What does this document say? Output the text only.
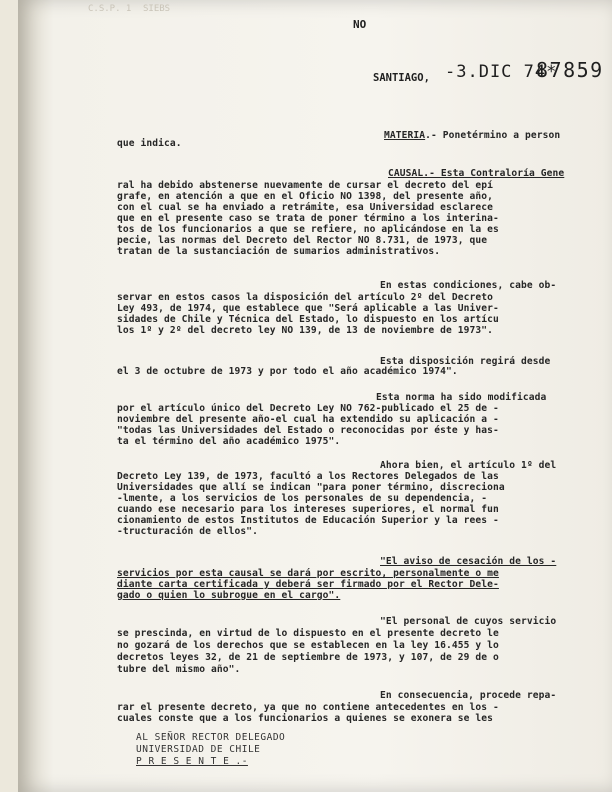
C.S.P. 1 SIEBS
NO
SANTIAGO, -3.DIC 74*
87859
que indica.
MATERIA.- Ponetérmino a person
CAUSAL.- Esta Contraloría Gene
ral ha debido abstenerse nuevamente de cursar el decreto del epí
grafe, en atención a que en el Oficio NO 1398, del presente año,
con el cual se ha enviado a retrámite, esa Universidad esclarece
que en el presente caso se trata de poner término a los interina-
tos de los funcionarios a que se refiere, no aplicándose en la es
pecie, las normas del Decreto del Rector NO 8.731, de 1973, que
tratan de la sustanciación de sumarios administrativos.
En estas condiciones, cabe ob-
servar en estos casos la disposición del artículo 2º del Decreto
Ley 493, de 1974, que establece que "Será aplicable a las Univer-
sidades de Chile y Técnica del Estado, lo dispuesto en los artícu
los 1º y 2º del decreto ley NO 139, de 13 de noviembre de 1973".
Esta disposición regirá desde
el 3 de octubre de 1973 y por todo el año académico 1974".
Esta norma ha sido modificada
por el artículo único del Decreto Ley NO 762-publicado el 25 de -
noviembre del presente año-el cual ha extendido su aplicación a -
"todas las Universidades del Estado o reconocidas por éste y has-
ta el término del año académico 1975".
Ahora bien, el artículo 1º del
Decreto Ley 139, de 1973, facultó a los Rectores Delegados de las
Universidades que allí se indican "para poner término, discreciona
-lmente, a los servicios de los personales de su dependencia, -
cuando ese necesario para los intereses superiores, el normal fun
cionamiento de estos Institutos de Educación Superior y la rees -
-tructuración de ellos".
"El aviso de cesación de los -
servicios por esta causal se dará por escrito, personalmente o me
diante carta certificada y deberá ser firmado por el Rector Dele-
gado o quien lo subrogue en el cargo".
"El personal de cuyos servicio
se prescinda, en virtud de lo dispuesto en el presente decreto le
no gozará de los derechos que se establecen en la ley 16.455 y lo
decretos leyes 32, de 21 de septiembre de 1973, y 107, de 29 de o
tubre del mismo año".
En consecuencia, procede repa-
rar el presente decreto, ya que no contiene antecedentes en los -
cuales conste que a los funcionarios a quienes se exonera se les
AL SEÑOR RECTOR DELEGADO
UNIVERSIDAD DE CHILE
P R E S E N T E .-
